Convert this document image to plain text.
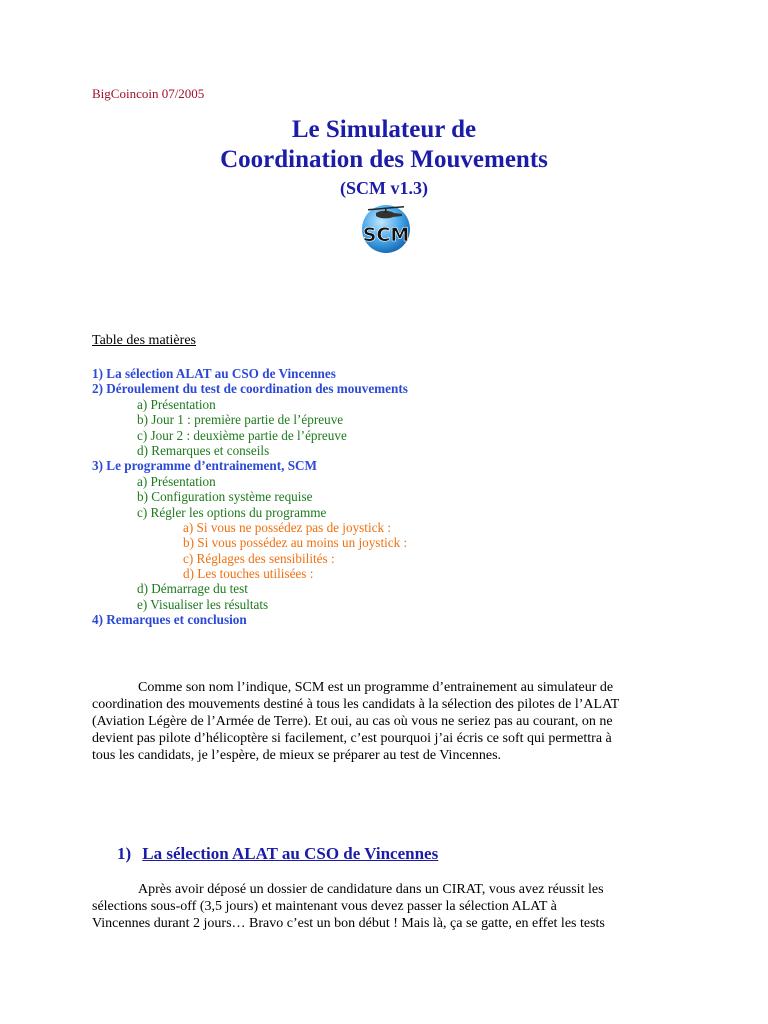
BigCoincoin 07/2005
Le Simulateur de
Coordination des Mouvements
(SCM v1.3)
SCM
Table des matières
1) La sélection ALAT au CSO de Vincennes
2) Déroulement du test de coordination des mouvements
a) Présentation
b) Jour 1 : première partie de l’épreuve
c) Jour 2 : deuxième partie de l’épreuve
d) Remarques et conseils
3) Le programme d’entrainement, SCM
a) Présentation
b) Configuration système requise
c) Régler les options du programme
a) Si vous ne possédez pas de joystick :
b) Si vous possédez au moins un joystick :
c) Réglages des sensibilités :
d) Les touches utilisées :
d) Démarrage du test
e) Visualiser les résultats
4) Remarques et conclusion
Comme son nom l’indique, SCM est un programme d’entrainement au simulateur de
coordination des mouvements destiné à tous les candidats à la sélection des pilotes de l’ALAT
(Aviation Légère de l’Armée de Terre). Et oui, au cas où vous ne seriez pas au courant, on ne
devient pas pilote d’hélicoptère si facilement, c’est pourquoi j’ai écris ce soft qui permettra à
tous les candidats, je l’espère, de mieux se préparer au test de Vincennes.
1) La sélection ALAT au CSO de Vincennes
Après avoir déposé un dossier de candidature dans un CIRAT, vous avez réussit les
sélections sous-off (3,5 jours) et maintenant vous devez passer la sélection ALAT à
Vincennes durant 2 jours… Bravo c’est un bon début ! Mais là, ça se gatte, en effet les tests
